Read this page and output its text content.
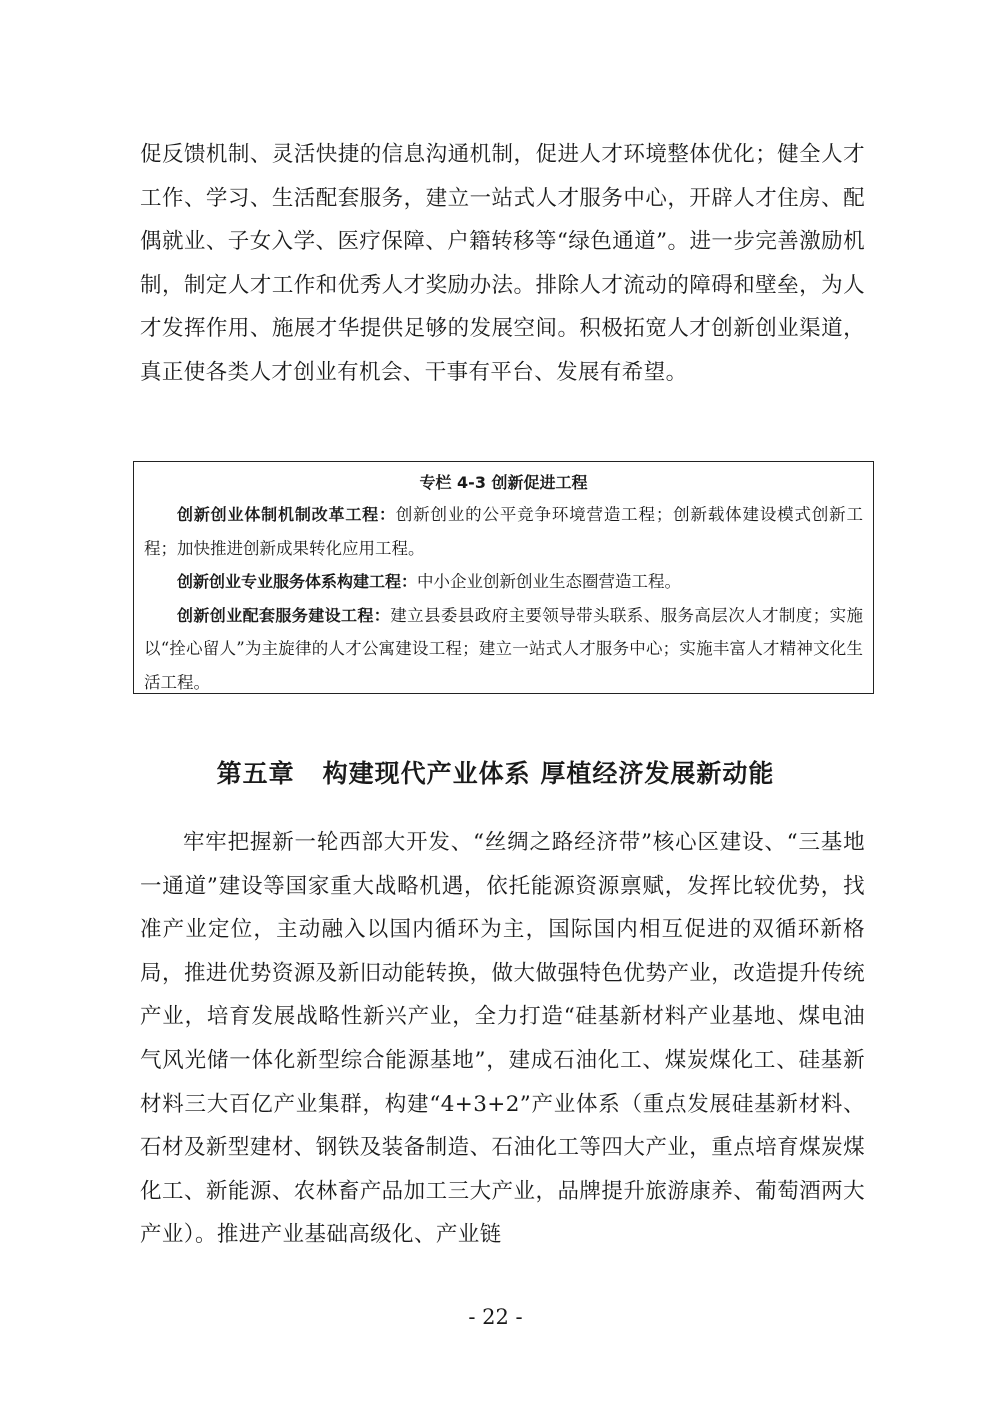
促反馈机制、灵活快捷的信息沟通机制，促进人才环境整体优化；健全人才工作、学习、生活配套服务，建立一站式人才服务中心，开辟人才住房、配偶就业、子女入学、医疗保障、户籍转移等“绿色通道”。进一步完善激励机制，制定人才工作和优秀人才奖励办法。排除人才流动的障碍和壁垒，为人才发挥作用、施展才华提供足够的发展空间。积极拓宽人才创新创业渠道，真正使各类人才创业有机会、干事有平台、发展有希望。

专栏 4-3 创新促进工程

创新创业体制机制改革工程：创新创业的公平竞争环境营造工程；创新载体建设模式创新工程；加快推进创新成果转化应用工程。

创新创业专业服务体系构建工程：中小企业创新创业生态圈营造工程。

创新创业配套服务建设工程：建立县委县政府主要领导带头联系、服务高层次人才制度；实施以“拴心留人”为主旋律的人才公寓建设工程；建立一站式人才服务中心；实施丰富人才精神文化生活工程。

第五章 构建现代产业体系 厚植经济发展新动能

牢牢把握新一轮西部大开发、“丝绸之路经济带”核心区建设、“三基地一通道”建设等国家重大战略机遇，依托能源资源禀赋，发挥比较优势，找准产业定位，主动融入以国内循环为主，国际国内相互促进的双循环新格局，推进优势资源及新旧动能转换，做大做强特色优势产业，改造提升传统产业，培育发展战略性新兴产业，全力打造“硅基新材料产业基地、煤电油气风光储一体化新型综合能源基地”，建成石油化工、煤炭煤化工、硅基新材料三大百亿产业集群，构建“4+3+2”产业体系（重点发展硅基新材料、石材及新型建材、钢铁及装备制造、石油化工等四大产业，重点培育煤炭煤化工、新能源、农林畜产品加工三大产业，品牌提升旅游康养、葡萄酒两大产业）。推进产业基础高级化、产业链

- 22 -
